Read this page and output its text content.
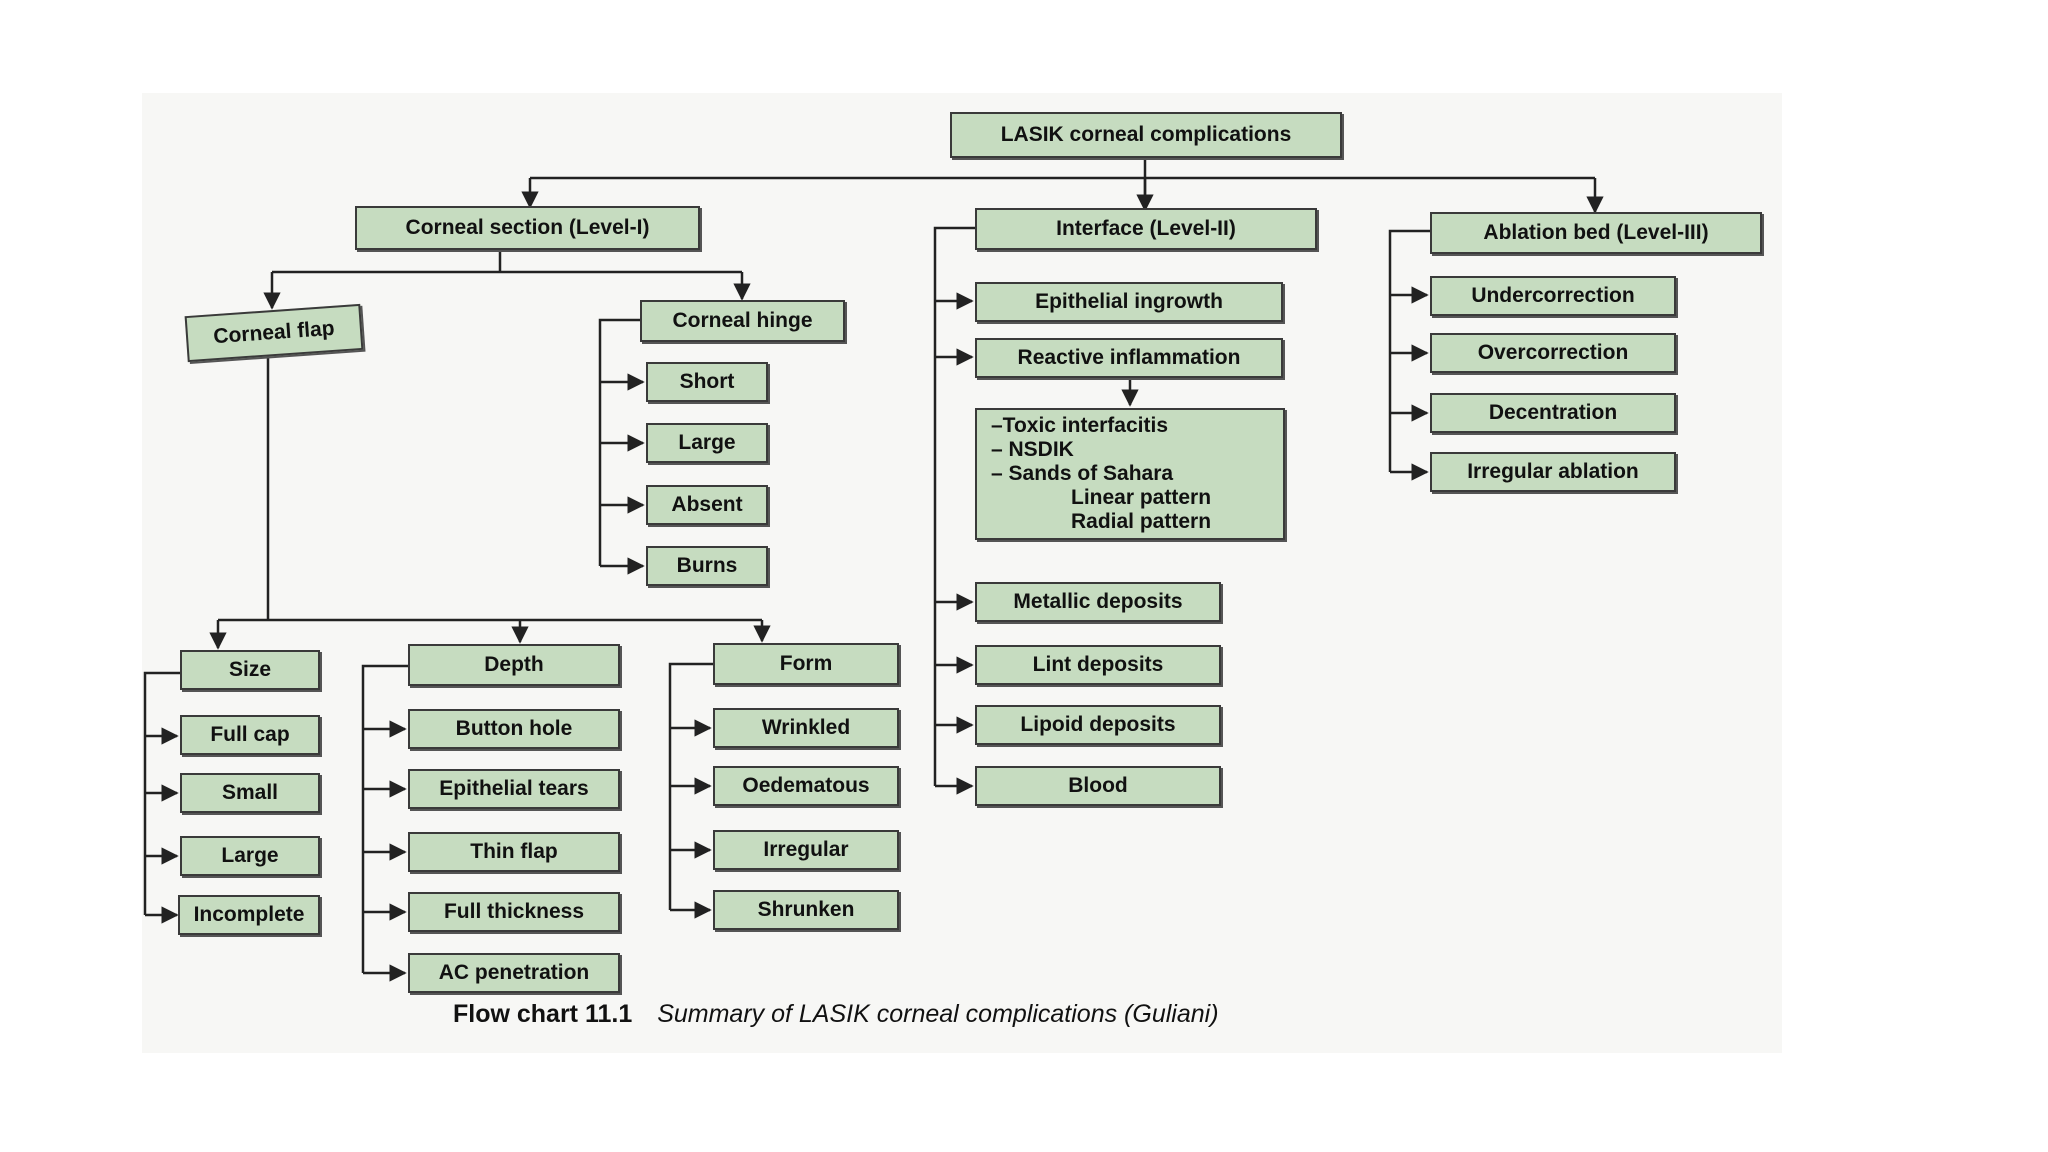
LASIK corneal complications
Corneal section (Level-I)
Corneal flap	Corneal hinge
Short
Large
Absent
Burns
Size
Full cap
Small
Large
Incomplete
Depth
Button hole
Epithelial tears
Thin flap
Full thickness
AC penetration
Form
Wrinkled
Oedematous
Irregular
Shrunken
Interface (Level-II)
Epithelial ingrowth
Reactive inflammation
–Toxic interfacitis
– NSDIK
– Sands of Sahara
Linear pattern
Radial pattern
Metallic deposits
Lint deposits
Lipoid deposits
Blood
Ablation bed (Level-III)
Undercorrection
Overcorrection
Decentration
Irregular ablation
Flow chart 11.1 Summary of LASIK corneal complications (Guliani)
